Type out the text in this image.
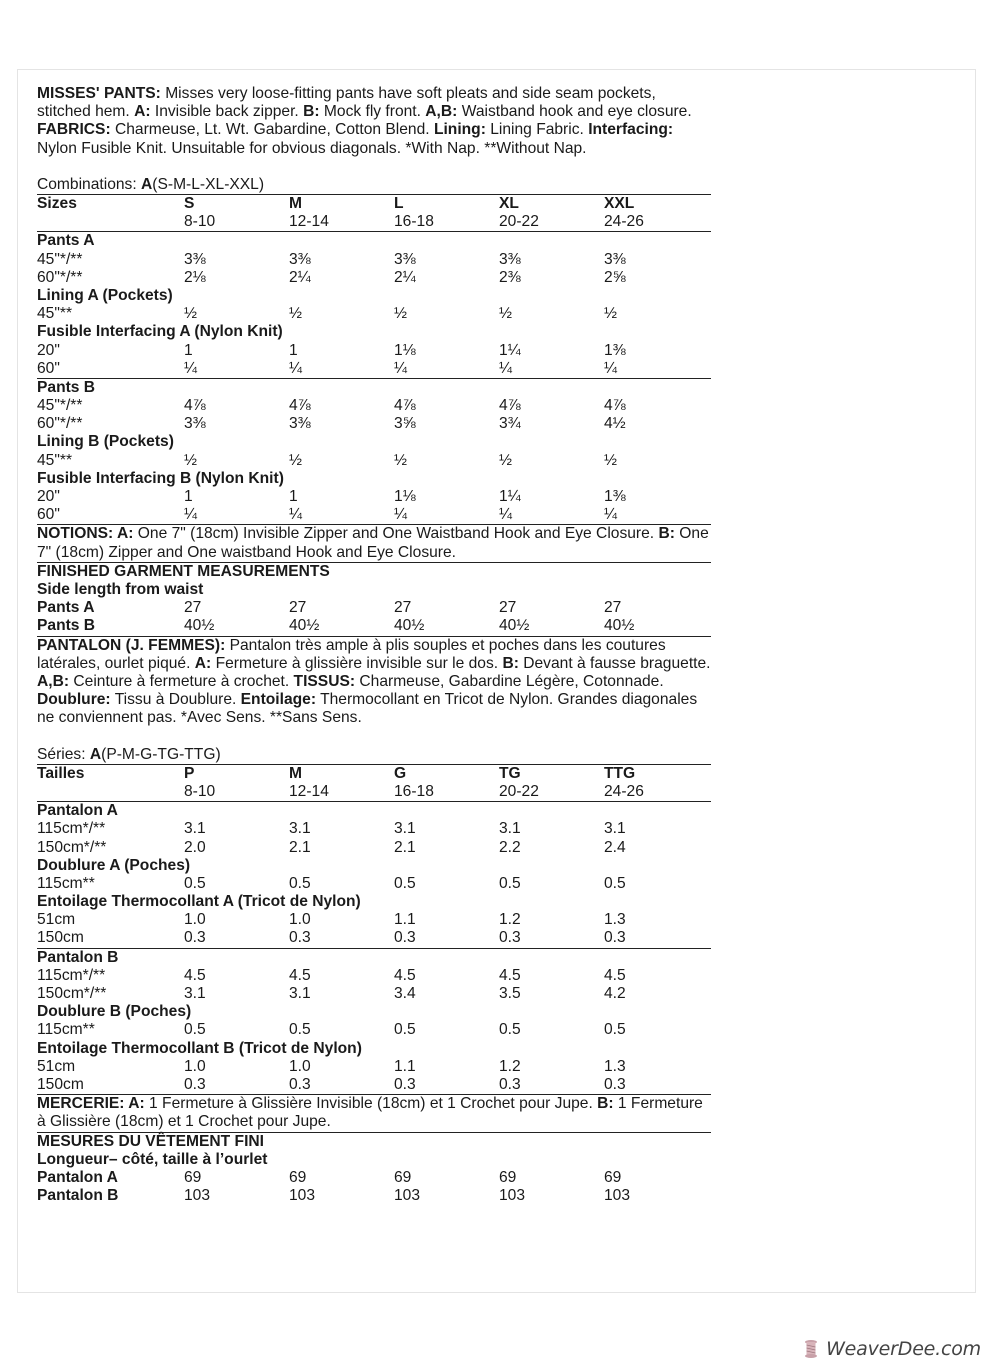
MISSES' PANTS: Misses very loose-fitting pants have soft pleats and side seam pockets, stitched hem. A: Invisible back zipper. B: Mock fly front. A,B: Waistband hook and eye closure. FABRICS: Charmeuse, Lt. Wt. Gabardine, Cotton Blend. Lining: Lining Fabric. Interfacing: Nylon Fusible Knit. Unsuitable for obvious diagonals. *With Nap. **Without Nap.

Combinations: A(S-M-L-XL-XXL)
Sizes	S	M	L	XL	XXL
8-10	12-14	16-18	20-22	24-26
Pants A
45"*/**	3⅜	3⅜	3⅜	3⅜	3⅜
60"*/**	2⅛	2¼	2¼	2⅜	2⅝
Lining A (Pockets)
45"**	½	½	½	½	½
Fusible Interfacing A (Nylon Knit)
20"	1	1	1⅛	1¼	1⅜
60"	¼	¼	¼	¼	¼
Pants B
45"*/**	4⅞	4⅞	4⅞	4⅞	4⅞
60"*/**	3⅜	3⅜	3⅝	3¾	4½
Lining B (Pockets)
45"**	½	½	½	½	½
Fusible Interfacing B (Nylon Knit)
20"	1	1	1⅛	1¼	1⅜
60"	¼	¼	¼	¼	¼

NOTIONS: A: One 7" (18cm) Invisible Zipper and One Waistband Hook and Eye Closure. B: One 7" (18cm) Zipper and One waistband Hook and Eye Closure.

FINISHED GARMENT MEASUREMENTS
Side length from waist
Pants A	27	27	27	27	27
Pants B	40½	40½	40½	40½	40½

PANTALON (J. FEMMES): Pantalon très ample à plis souples et poches dans les coutures latérales, ourlet piqué. A: Fermeture à glissière invisible sur le dos. B: Devant à fausse braguette. A,B: Ceinture à fermeture à crochet. TISSUS: Charmeuse, Gabardine Légère, Cotonnade. Doublure: Tissu à Doublure. Entoilage: Thermocollant en Tricot de Nylon. Grandes diagonales ne conviennent pas. *Avec Sens. **Sans Sens.

Séries: A(P-M-G-TG-TTG)
Tailles	P	M	G	TG	TTG
8-10	12-14	16-18	20-22	24-26
Pantalon A
115cm*/**	3.1	3.1	3.1	3.1	3.1
150cm*/**	2.0	2.1	2.1	2.2	2.4
Doublure A (Poches)
115cm**	0.5	0.5	0.5	0.5	0.5
Entoilage Thermocollant A (Tricot de Nylon)
51cm	1.0	1.0	1.1	1.2	1.3
150cm	0.3	0.3	0.3	0.3	0.3
Pantalon B
115cm*/**	4.5	4.5	4.5	4.5	4.5
150cm*/**	3.1	3.1	3.4	3.5	4.2
Doublure B (Poches)
115cm**	0.5	0.5	0.5	0.5	0.5
Entoilage Thermocollant B (Tricot de Nylon)
51cm	1.0	1.0	1.1	1.2	1.3
150cm	0.3	0.3	0.3	0.3	0.3

MERCERIE: A: 1 Fermeture à Glissière Invisible (18cm) et 1 Crochet pour Jupe. B: 1 Fermeture à Glissière (18cm) et 1 Crochet pour Jupe.

MESURES DU VÊTEMENT FINI
Longueur– côté, taille à l’ourlet
Pantalon A	69	69	69	69	69
Pantalon B	103	103	103	103	103
WeaverDee.com
